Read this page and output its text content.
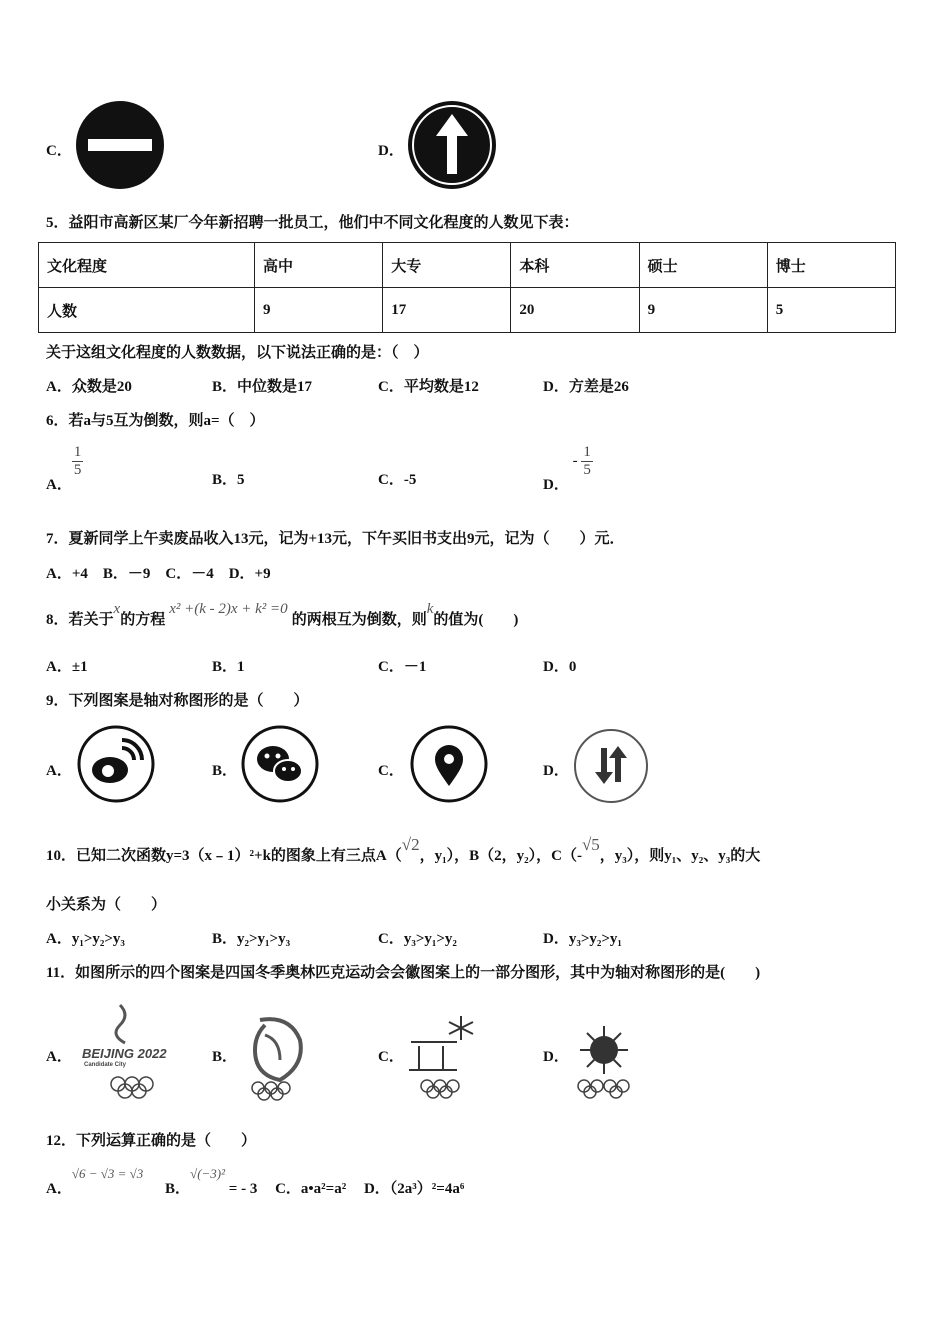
C．	D．
5．益阳市高新区某厂今年新招聘一批员工，他们中不同文化程度的人数见下表：
文化程度	高中	大专	本科	硕士	博士
人数	9	17	20	9	5
关于这组文化程度的人数数据，以下说法正确的是：（　）
A．众数是20	B．中位数是17	C．平均数是12	D．方差是26
6．若a与5互为倒数，则a=（　）
A．
$\frac{1}{5}$
B．5	C．-5	D． - $\frac{1}{5}$
7．夏新同学上午卖废品收入13元，记为+13元，下午买旧书支出9元，记为（　　）元．
A．+4　B．－9　C．－4　D．+9
8．若关于x的方程x² +(k - 2)x + k² =0的两根互为倒数，则k的值为(　　)
A．±1	B．1	C．－1	D．0
9．下列图案是轴对称图形的是（　　）
A．	B．	C．	D．
10．已知二次函数y=3（x﹣1）²+k的图象上有三点A（√2，y₁），B（2，y₂），C（-√5，y₃），则y₁、y₂、y₃的大
小关系为（　　）
A．y₁>y₂>y₃	B．y₂>y₁>y₃	C．y₃>y₁>y₂	D．y₃>y₂>y₁
11．如图所示的四个图案是四国冬季奥林匹克运动会会徽图案上的一部分图形，其中为轴对称图形的是(　　)
A． BEIJING 2022
Candidate City	B．	C．	D．
12．下列运算正确的是（　　）
A．√6 − √3 = √3 B．√(−3)² = - 3 C．a•a²=a² D．（2a³）²=4a⁶
